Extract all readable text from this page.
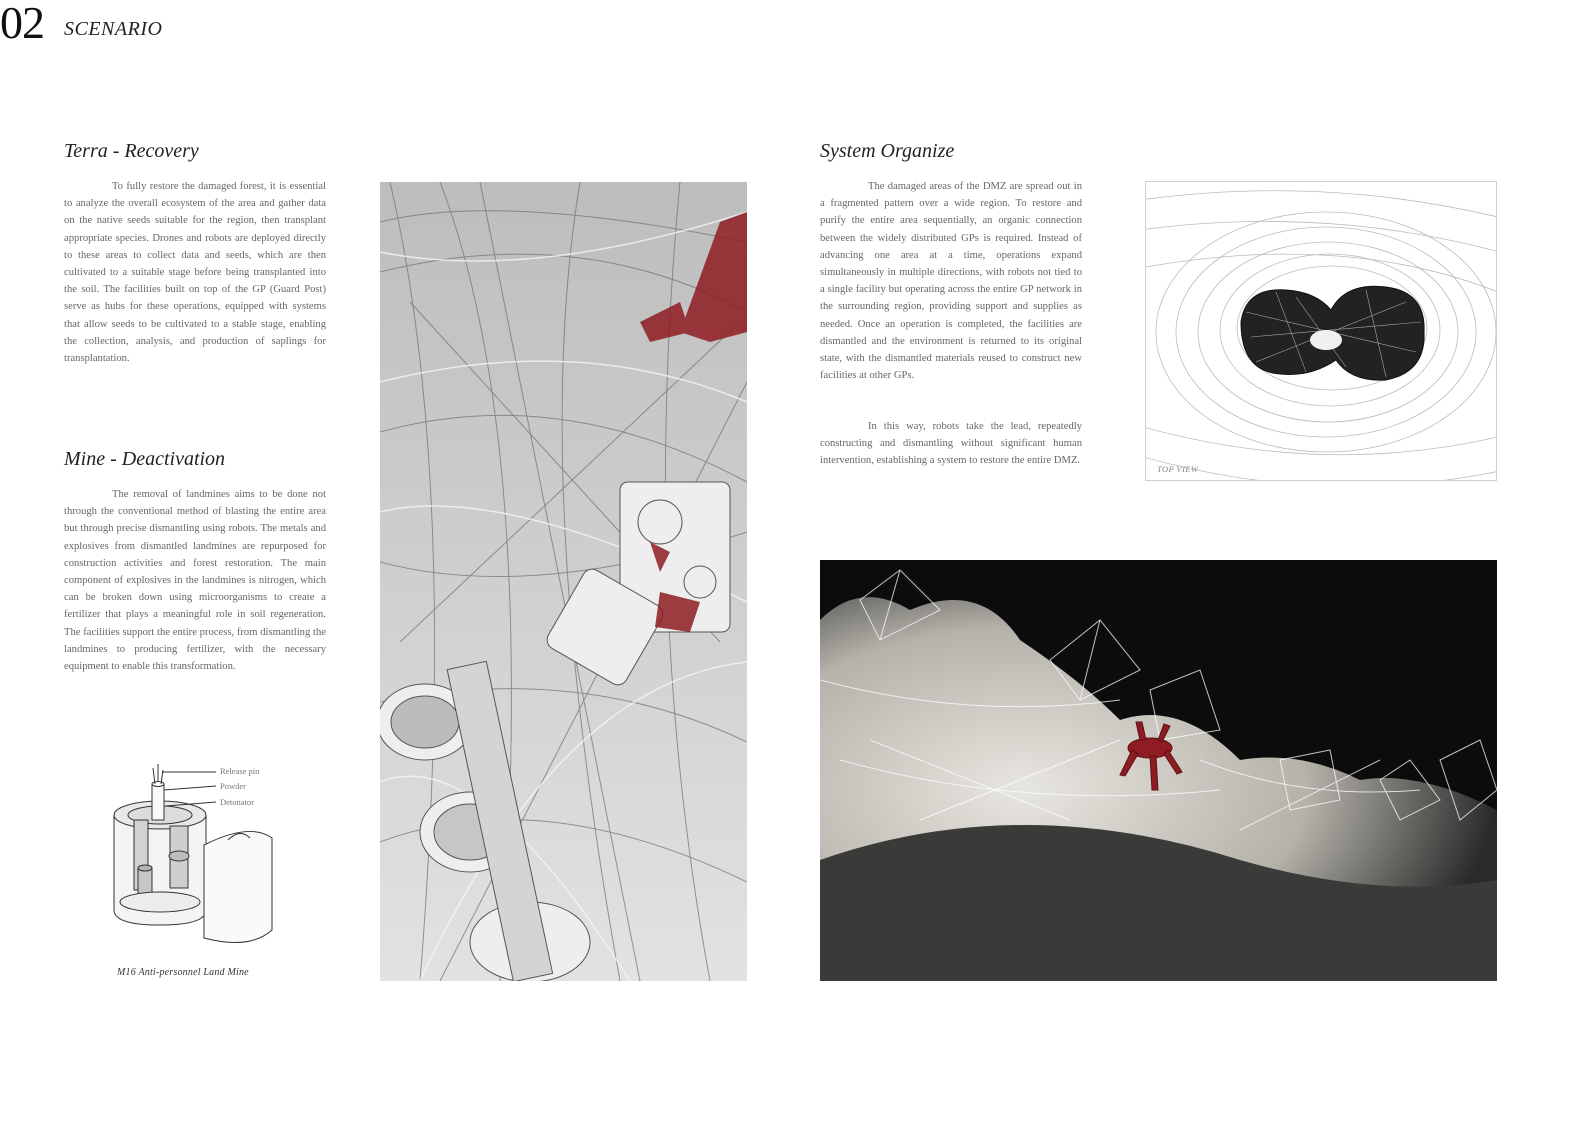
02 SCENARIO
Terra - Recovery

To fully restore the damaged forest, it is essential to analyze the overall ecosystem of the area and gather data on the native seeds suitable for the region, then transplant appropriate species. Drones and robots are deployed directly to these areas to collect data and seeds, which are then cultivated to a suitable stage before being transplanted into the soil. The facilities built on top of the GP (Guard Post) serve as hubs for these operations, equipped with systems that allow seeds to be cultivated to a stable stage, enabling the collection, analysis, and production of saplings for transplantation.

Mine - Deactivation

The removal of landmines aims to be done not through the conventional method of blasting the entire area but through precise dismantling using robots. The metals and explosives from dismantled landmines are repurposed for construction activities and forest restoration. The main component of explosives in the landmines is nitrogen, which can be broken down using microorganisms to create a fertilizer that plays a meaningful role in soil regeneration. The facilities support the entire process, from dismantling the landmines to producing fertilizer, with the necessary equipment to enable this transformation.

Release pin
Powder
Detonator
M16 Anti-personnel Land Mine
System Organize

The damaged areas of the DMZ are spread out in a fragmented pattern over a wide region. To restore and purify the entire area sequentially, an organic connection between the widely distributed GPs is required. Instead of advancing one area at a time, operations expand simultaneously in multiple directions, with robots not tied to a single facility but operating across the entire GP network in the surrounding region, providing support and supplies as needed. Once an operation is completed, the facilities are dismantled and the environment is returned to its original state, with the dismantled materials reused to construct new facilities at other GPs.

In this way, robots take the lead, repeatedly constructing and dismantling without significant human intervention, establishing a system to restore the entire DMZ.

TOP VIEW
